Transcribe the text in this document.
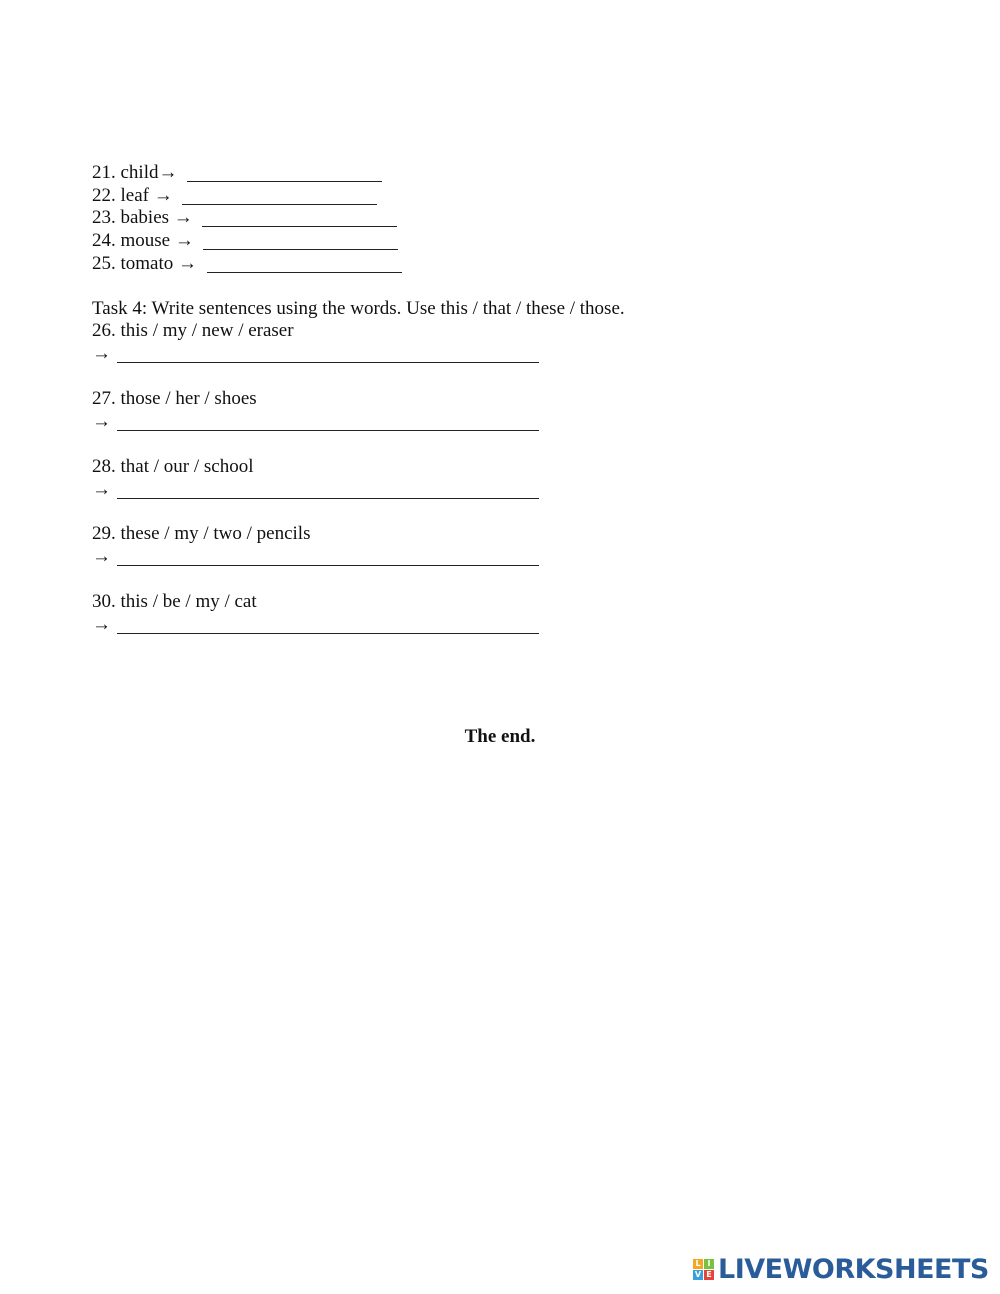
21. child→
22. leaf →
23. babies →
24. mouse →
25. tomato →
Task 4: Write sentences using the words. Use this / that / these / those.
26. this / my / new / eraser
→
27. those / her / shoes
→
28. that / our / school
→
29. these / my / two / pencils
→
30. this / be / my / cat
→
The end.
L I
V E LIVEWORKSHEETS
